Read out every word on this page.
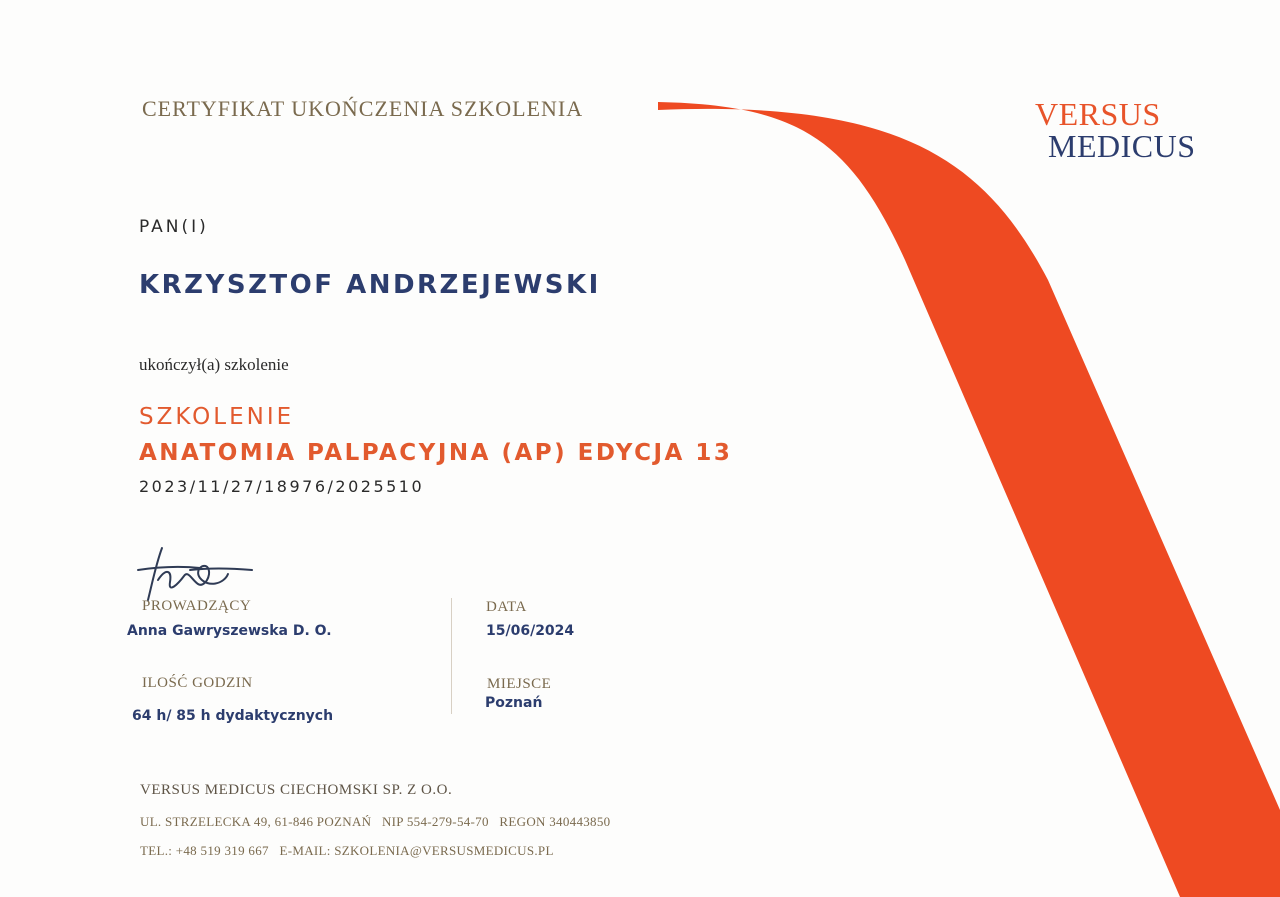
CERTYFIKAT UKOŃCZENIA SZKOLENIA	VERSUS
MEDICUS
PAN(I)
KRZYSZTOF ANDRZEJEWSKI
ukończył(a) szkolenie
SZKOLENIE
ANATOMIA PALPACYJNA (AP) EDYCJA 13
2023/11/27/18976/2025510
PROWADZĄCY
Anna Gawryszewska D. O.
DATA
15/06/2024
ILOŚĆ GODZIN
64 h/ 85 h dydaktycznych
MIEJSCE
Poznań
VERSUS MEDICUS CIECHOMSKI SP. Z O.O.
UL. STRZELECKA 49, 61-846 POZNAŃ   NIP 554-279-54-70   REGON 340443850
TEL.: +48 519 319 667   E-MAIL: SZKOLENIA@VERSUSMEDICUS.PL
